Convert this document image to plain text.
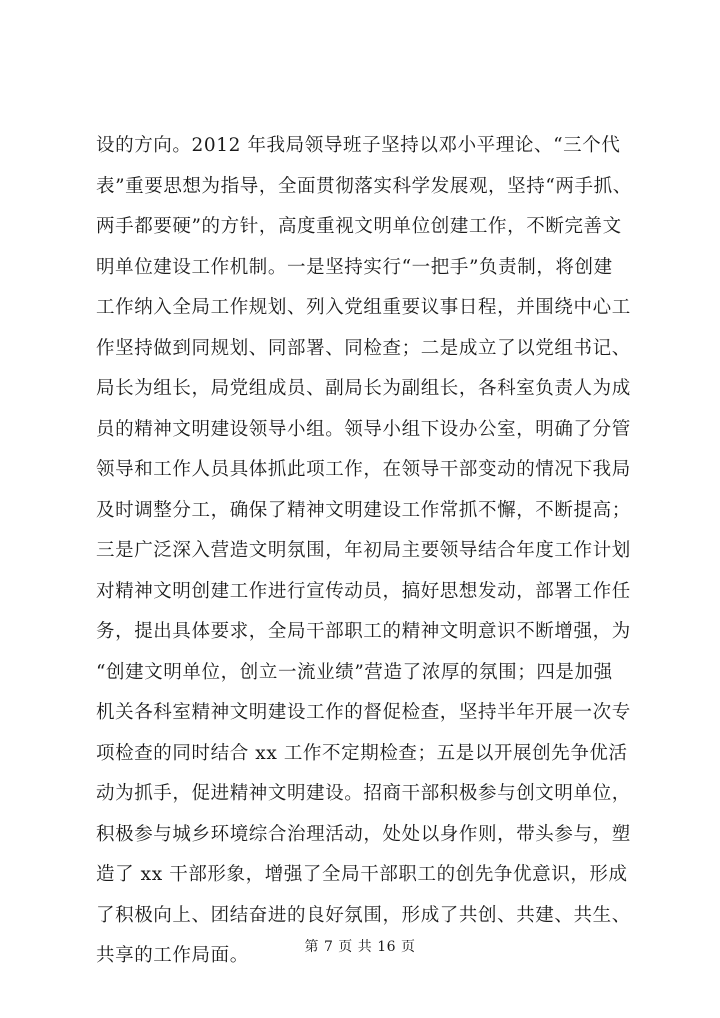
设的方向。2012 年我局领导班子坚持以邓小平理论、“三个代
表”重要思想为指导，全面贯彻落实科学发展观，坚持“两手抓、
两手都要硬”的方针，高度重视文明单位创建工作，不断完善文
明单位建设工作机制。一是坚持实行“一把手”负责制，将创建
工作纳入全局工作规划、列入党组重要议事日程，并围绕中心工
作坚持做到同规划、同部署、同检查；二是成立了以党组书记、
局长为组长，局党组成员、副局长为副组长，各科室负责人为成
员的精神文明建设领导小组。领导小组下设办公室，明确了分管
领导和工作人员具体抓此项工作，在领导干部变动的情况下我局
及时调整分工，确保了精神文明建设工作常抓不懈，不断提高；
三是广泛深入营造文明氛围，年初局主要领导结合年度工作计划
对精神文明创建工作进行宣传动员，搞好思想发动，部署工作任
务，提出具体要求，全局干部职工的精神文明意识不断增强，为
“创建文明单位，创立一流业绩”营造了浓厚的氛围；四是加强
机关各科室精神文明建设工作的督促检查，坚持半年开展一次专
项检查的同时结合 xx 工作不定期检查；五是以开展创先争优活
动为抓手，促进精神文明建设。招商干部积极参与创文明单位，
积极参与城乡环境综合治理活动，处处以身作则，带头参与，塑
造了 xx 干部形象，增强了全局干部职工的创先争优意识，形成
了积极向上、团结奋进的良好氛围，形成了共创、共建、共生、
共享的工作局面。	第 7 页 共 16 页
